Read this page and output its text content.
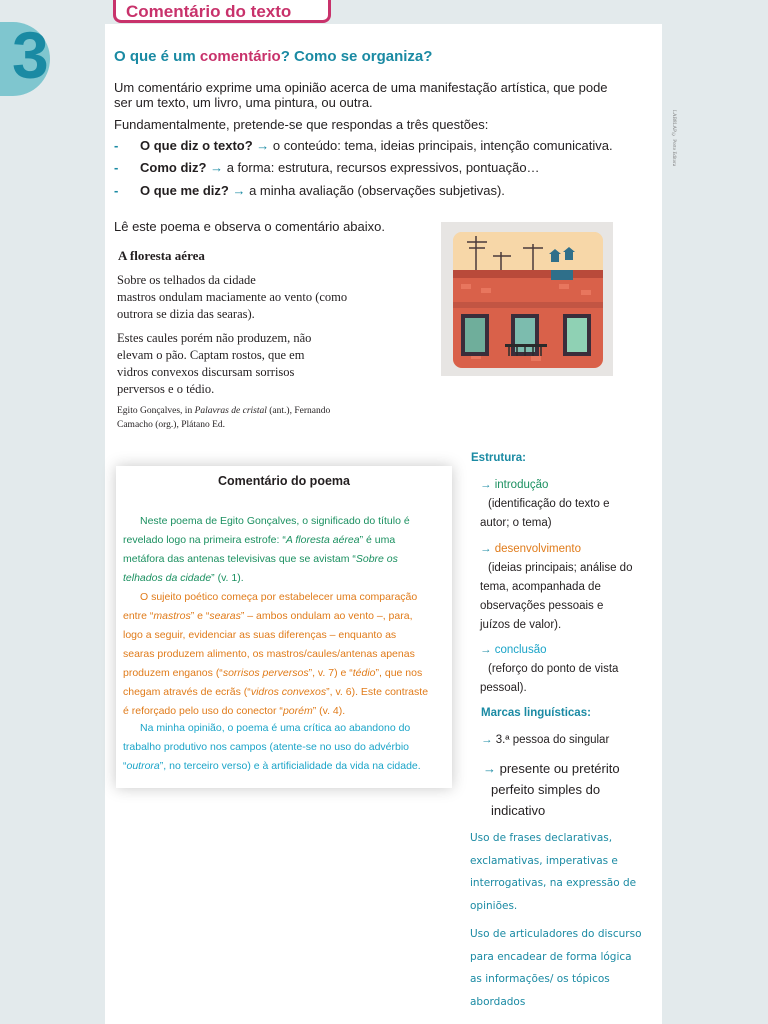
3
Comentário do texto
LAB8LAP © Porto Editora
O que é um comentário? Como se organiza?
Um comentário exprime uma opinião acerca de uma manifestação artística, que pode
ser um texto, um livro, uma pintura, ou outra.
Fundamentalmente, pretende-se que respondas a três questões:
- O que diz o texto? → o conteúdo: tema, ideias principais, intenção comunicativa.
- Como diz? → a forma: estrutura, recursos expressivos, pontuação…
- O que me diz? → a minha avaliação (observações subjetivas).
Lê este poema e observa o comentário abaixo.
A floresta aérea
Sobre os telhados da cidade
mastros ondulam maciamente ao vento (como
outrora se dizia das searas).
Estes caules porém não produzem, não
elevam o pão. Captam rostos, que em
vidros convexos discursam sorrisos
perversos e o tédio.
Egito Gonçalves, in Palavras de cristal (ant.), Fernando
Camacho (org.), Plátano Ed.
Comentário do poema
Neste poema de Egito Gonçalves, o significado do título é
revelado logo na primeira estrofe: “A floresta aérea” é uma
metáfora das antenas televisivas que se avistam “Sobre os
telhados da cidade” (v. 1).
O sujeito poético começa por estabelecer uma comparação
entre “mastros” e “searas” – ambos ondulam ao vento –, para,
logo a seguir, evidenciar as suas diferenças – enquanto as
searas produzem alimento, os mastros/caules/antenas apenas
produzem enganos (“sorrisos perversos”, v. 7) e “tédio”, que nos
chegam através de ecrãs (“vidros convexos”, v. 6). Este contraste
é reforçado pelo uso do conector “porém” (v. 4).
Na minha opinião, o poema é uma crítica ao abandono do
trabalho produtivo nos campos (atente-se no uso do advérbio
“outrora”, no terceiro verso) e à artificialidade da vida na cidade.
Estrutura:
→ introdução
(identificação do texto e
autor; o tema)
→ desenvolvimento
(ideias principais; análise do
tema, acompanhada de
observações pessoais e
juízos de valor).
→ conclusão
(reforço do ponto de vista
pessoal).
Marcas linguísticas:
→ 3.ª pessoa do singular
→ presente ou pretérito
perfeito simples do
indicativo
Uso de frases declarativas,
exclamativas, imperativas e
interrogativas, na expressão de
opiniões.
Uso de articuladores do discurso
para encadear de forma lógica
as informações/ os tópicos
abordados
